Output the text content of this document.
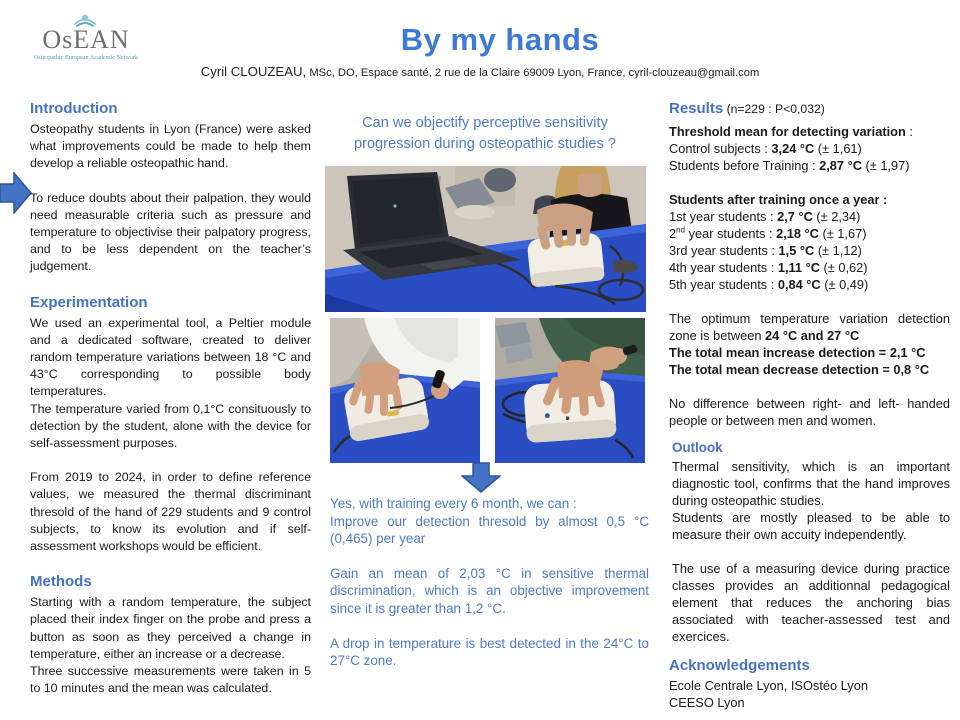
OsEAN
Osteopathic European Academic Network
By my hands
Cyril CLOUZEAU, MSc, DO, Espace santé, 2 rue de la Claire 69009 Lyon, France, cyril-clouzeau@gmail.com
Introduction

Osteopathy students in Lyon (France) were asked what improvements could be made to help them develop a reliable osteopathic hand.

To reduce doubts about their palpation, they would need measurable criteria such as pressure and temperature to objectivise their palpatory progress, and to be less dependent on the teacher’s judgement.

Experimentation

We used an experimental tool, a Peltier module and a dedicated software, created to deliver random temperature variations between 18 °C and 43°C corresponding to possible body temperatures.

The temperature varied from 0,1°C consituously to detection by the student, alone with the device for self-assessment purposes.

From 2019 to 2024, in order to define reference values, we measured the thermal discriminant thresold of the hand of 229 students and 9 control subjects, to know its evolution and if self-assessment workshops would be efficient.

Methods

Starting with a random temperature, the subject placed their index finger on the probe and press a button as soon as they perceived a change in temperature, either an increase or a decrease.

Three successive measurements were taken in 5 to 10 minutes and the mean was calculated.

Can we objectify perceptive sensitivity
progression during osteopathic studies ?

Yes, with training every 6 month, we can :

Improve our detection thresold by almost 0,5 °C (0,465) per year

Gain an mean of 2,03 °C in sensitive thermal discrimination, which is an objective improvement since it is greater than 1,2 °C.

A drop in temperature is best detected in the 24°C to 27°C zone.

Results (n=229 : P<0,032)
Threshold mean for detecting variation :
Control subjects : 3,24 °C (± 1,61)
Students before Training : 2,87 °C (± 1,97)
Students after training once a year :
1st year students : 2,7 °C (± 2,34)
2nd year students : 2,18 °C (± 1,67)
3rd year students : 1,5 °C (± 1,12)
4th year students : 1,11 °C (± 0,62)
5th year students : 0,84 °C (± 0,49)
The optimum temperature variation detection zone is between 24 °C and 27 °C
The total mean increase detection = 2,1 °C
The total mean decrease detection = 0,8 °C
No difference between right- and left- handed people or between men and women.
Outlook

Thermal sensitivity, which is an important diagnostic tool, confirms that the hand improves during osteopathic studies.

Students are mostly pleased to be able to measure their own accuity independently.

The use of a measuring device during practice classes provides an additionnal pedagogical element that reduces the anchoring bias associated with teacher-assessed test and exercices.

Acknowledgements
Ecole Centrale Lyon, ISOstéo Lyon
CEESO Lyon
